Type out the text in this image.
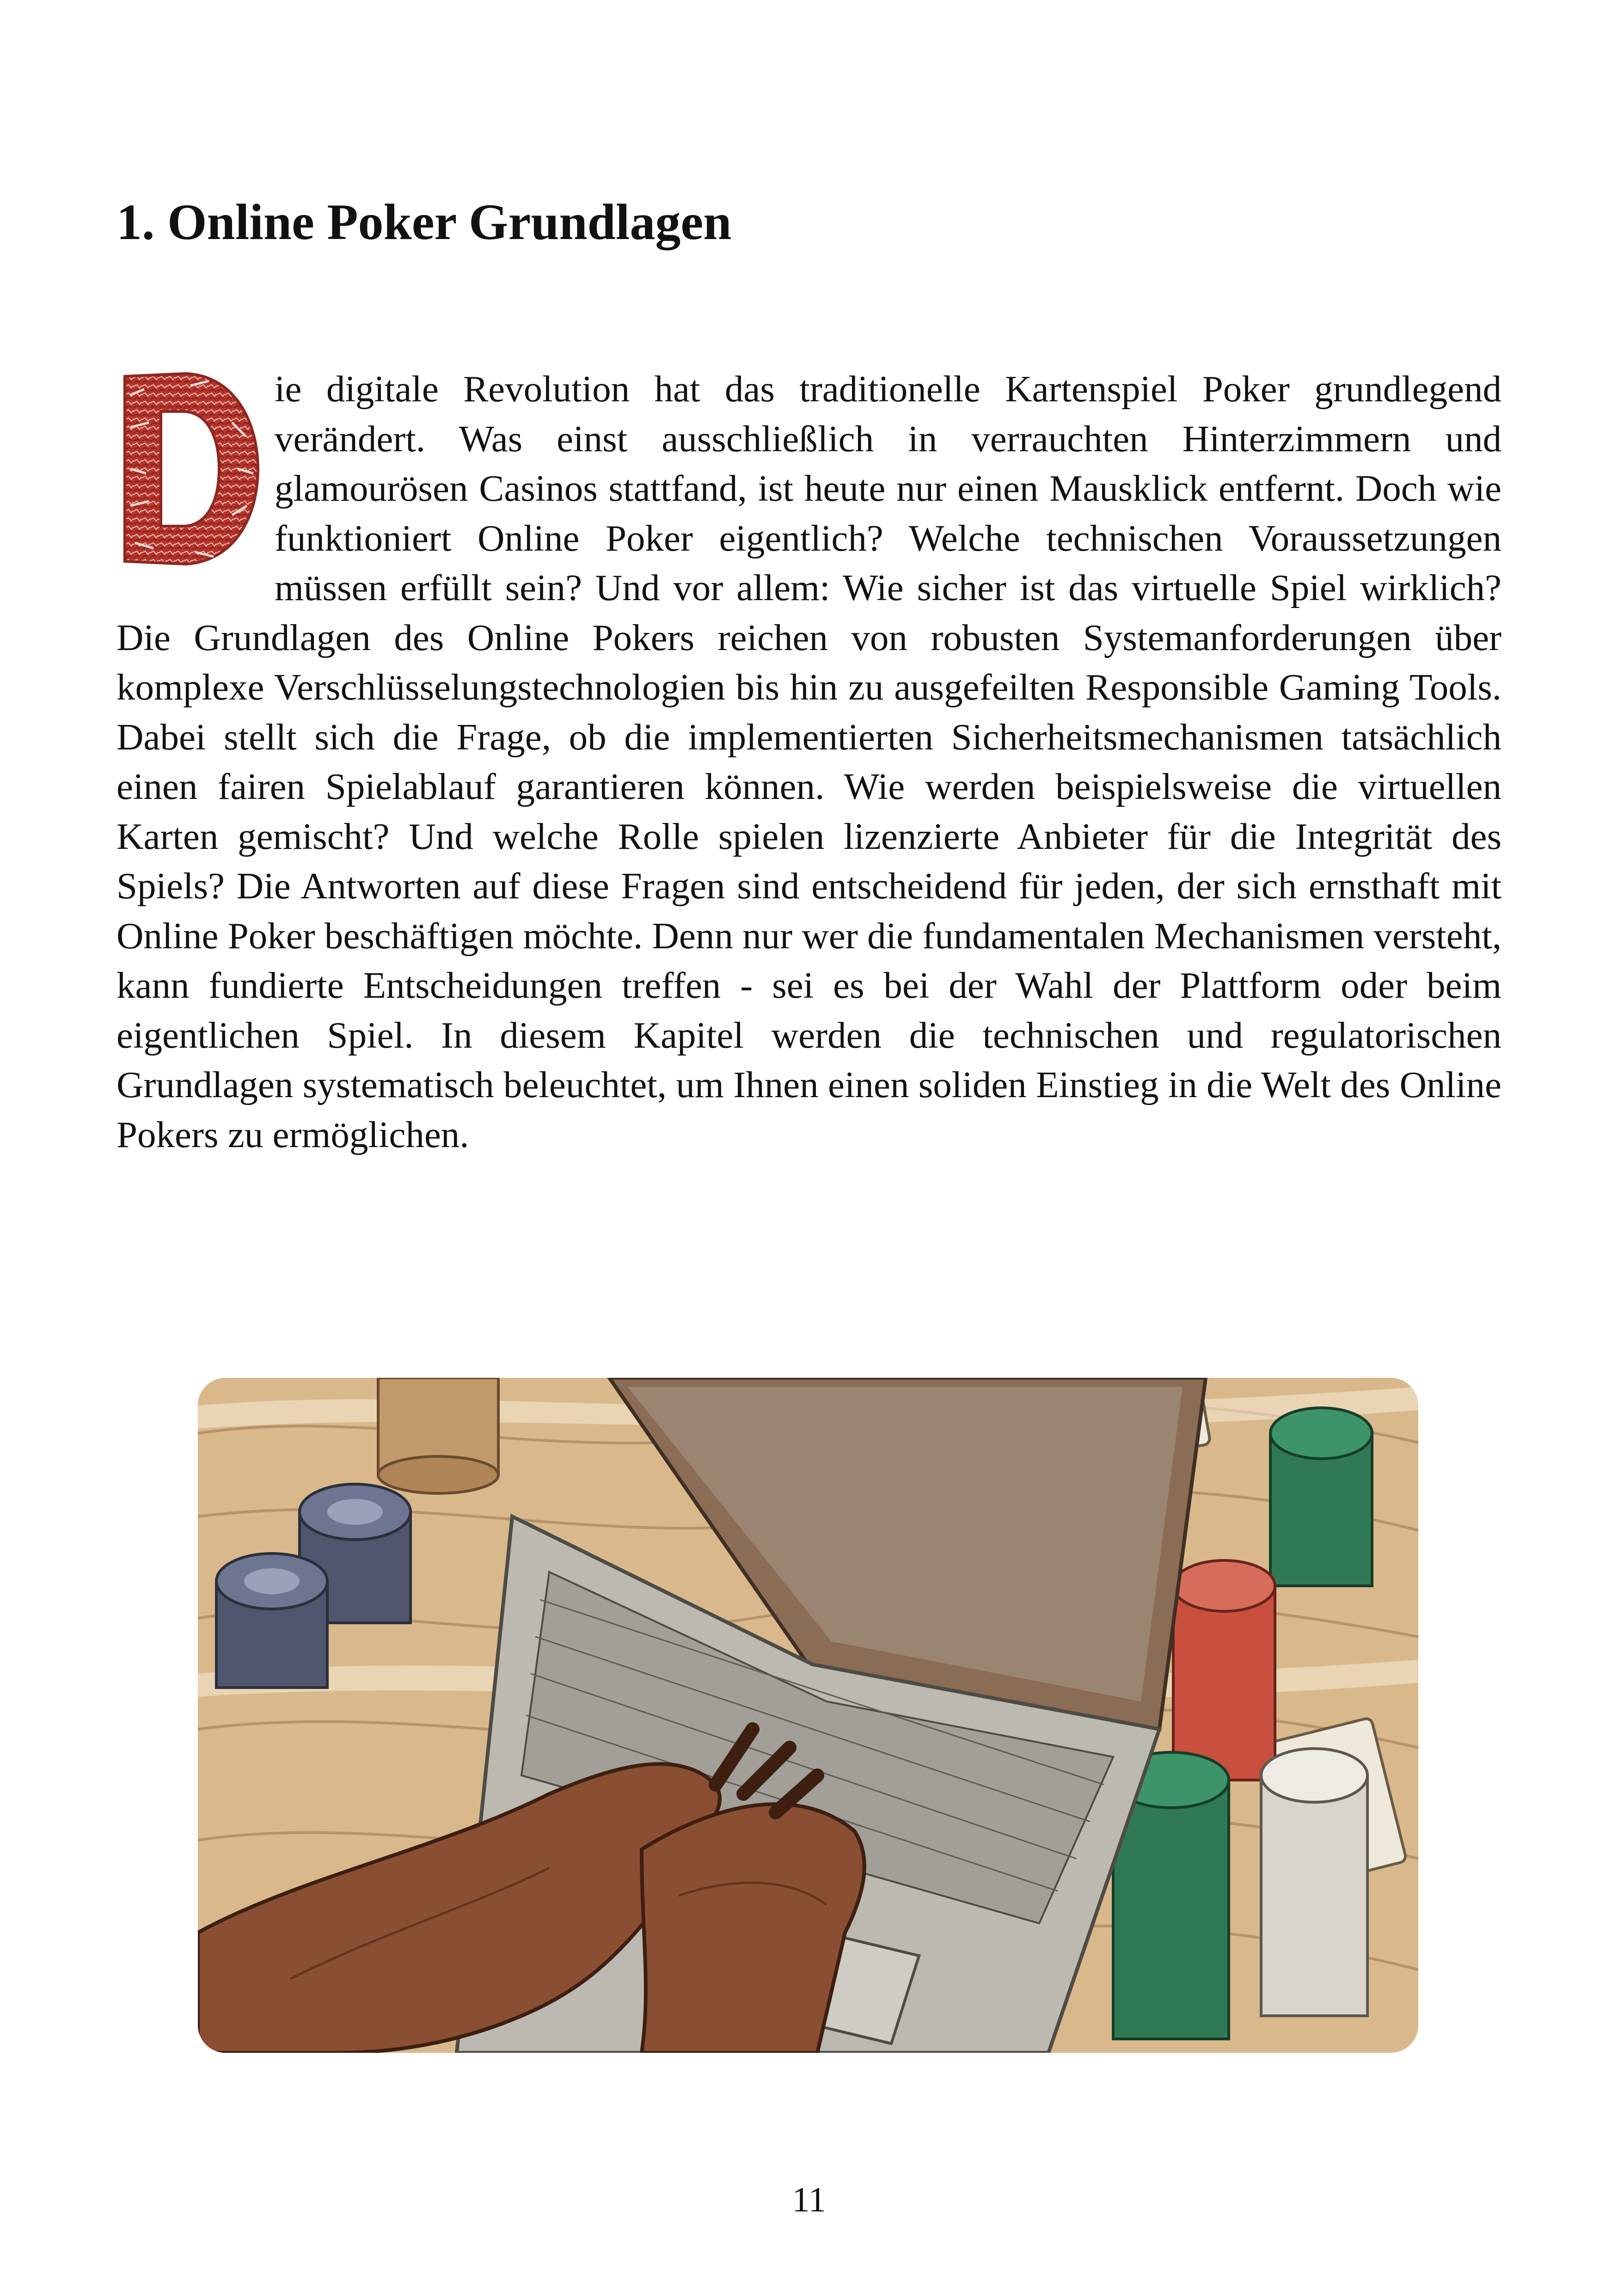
1. Online Poker Grundlagen

ie digitale Revolution hat das traditionelle Kartenspiel Poker grundlegend verändert. Was einst ausschließlich in verrauchten Hinterzimmern und glamourösen Casinos stattfand, ist heute nur einen Mausklick entfernt. Doch wie funktioniert Online Poker eigentlich? Welche technischen Voraussetzungen müssen erfüllt sein? Und vor allem: Wie sicher ist das virtuelle Spiel wirklich? Die Grundlagen des Online Pokers reichen von robusten Systemanforderungen über komplexe Verschlüsselungstechnologien bis hin zu ausgefeilten Responsible Gaming Tools. Dabei stellt sich die Frage, ob die implementierten Sicherheitsmechanismen tatsächlich einen fairen Spielablauf garantieren können. Wie werden beispielsweise die virtuellen Karten gemischt? Und welche Rolle spielen lizenzierte Anbieter für die Integrität des Spiels? Die Antworten auf diese Fragen sind entscheidend für jeden, der sich ernsthaft mit Online Poker beschäftigen möchte. Denn nur wer die fundamentalen Mechanismen versteht, kann fundierte Entscheidungen treffen - sei es bei der Wahl der Plattform oder beim eigentlichen Spiel. In diesem Kapitel werden die technischen und regulatorischen Grundlagen systematisch beleuchtet, um Ihnen einen soliden Einstieg in die Welt des Online Pokers zu ermöglichen.

11
